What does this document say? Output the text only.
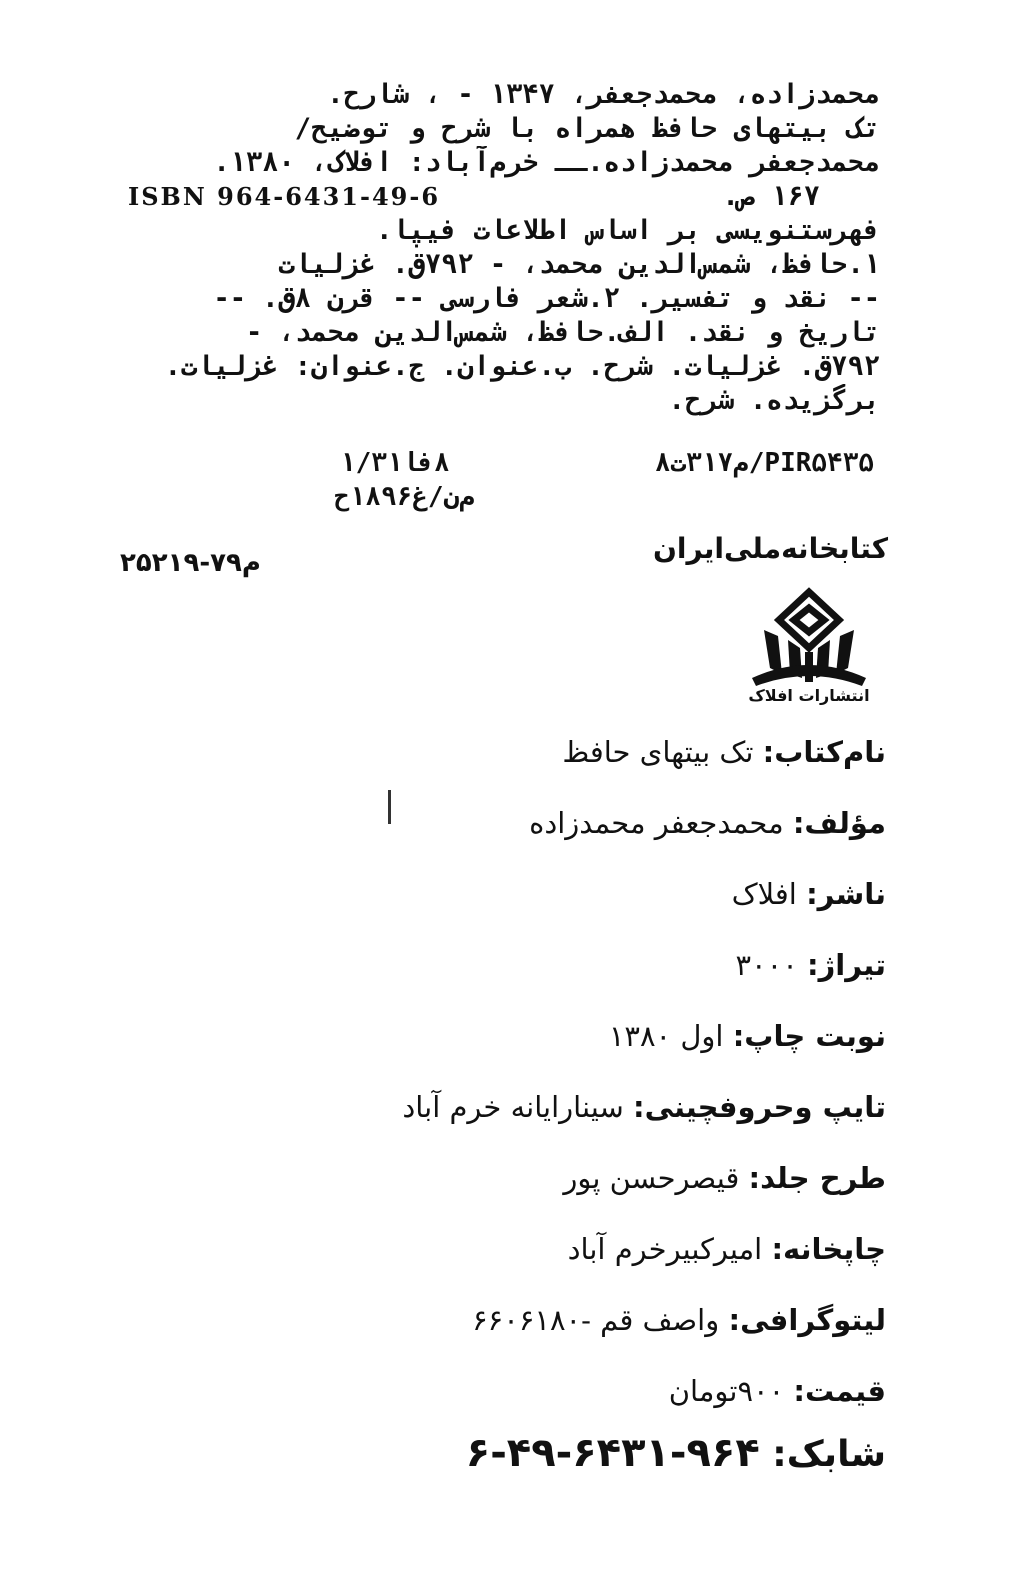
محمدزاده، محمدجعفر، ۱۳۴۷ - ، شارح.
تک بیتهای حافظ همراه با شرح و توضیح/
محمدجعفر محمدزاده.ــ خرم‌آباد: افلاک، ۱۳۸۰.
۱۶۷ ص.
ISBN 964-6431-49-6
فهرستنویسی بر اساس اطلاعات فیپا.
۱.حافظ، شمس‌الدین محمد، - ۷۹۲ق. غزلیات
-- نقد و تفسیر. ۲.شعر فارسی -- قرن ۸ق. --
تاریخ و نقد. الف.حافظ، شمس‌الدین محمد، -
۷۹۲ق. غزلیات. شرح. ب.عنوان. ج.عنوان: غزلیات.
برگزیده. شرح.
PIR۵۴۳۵/م۳۱۷ت۸
۸فا۱/۳۱
م‌ن/غ۱۸۹۶ح
کتابخانه‌ملی‌ایران
م۷۹-۲۵۲۱۹
انتشارات افلاک
نام‌کتاب: تک بیتهای حافظ
مؤلف: محمدجعفر محمدزاده
ناشر: افلاک
تیراژ: ۳۰۰۰
نوبت چاپ: اول ۱۳۸۰
تایپ وحروفچینی: سینارایانه خرم آباد
طرح جلد: قیصرحسن پور
چاپخانه: امیرکبیرخرم آباد
لیتوگرافی: واصف قم -۶۶۰۶۱۸۰
قیمت: ۹۰۰تومان
شابک: ۹۶۴-۶۴۳۱-۴۹-۶
